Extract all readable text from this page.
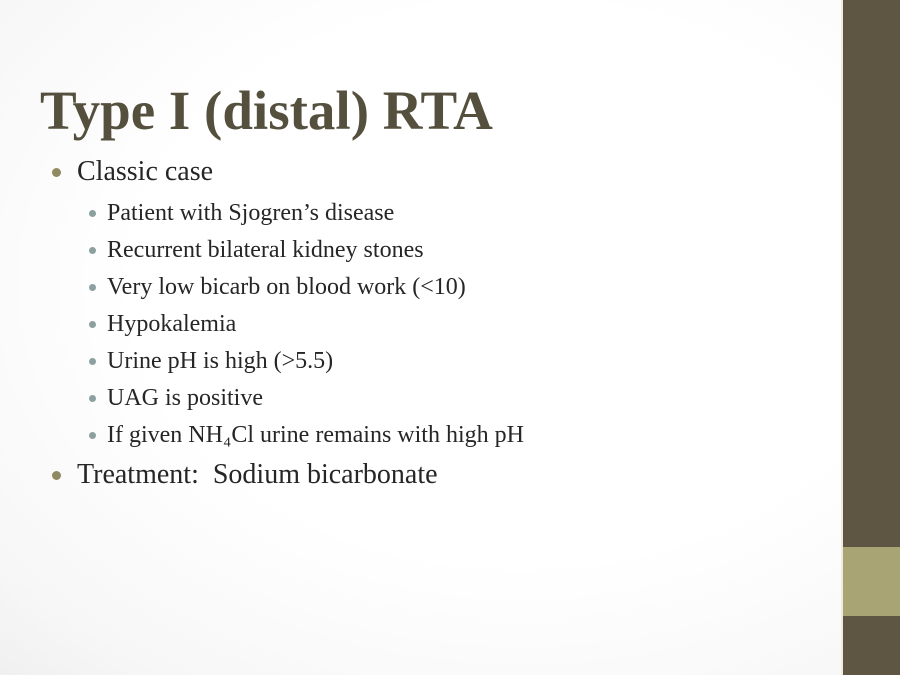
Type I (distal) RTA
Classic case
Patient with Sjogren’s disease
Recurrent bilateral kidney stones
Very low bicarb on blood work (<10)
Hypokalemia
Urine pH is high (>5.5)
UAG is positive
If given NH₄Cl urine remains with high pH
Treatment:  Sodium bicarbonate
